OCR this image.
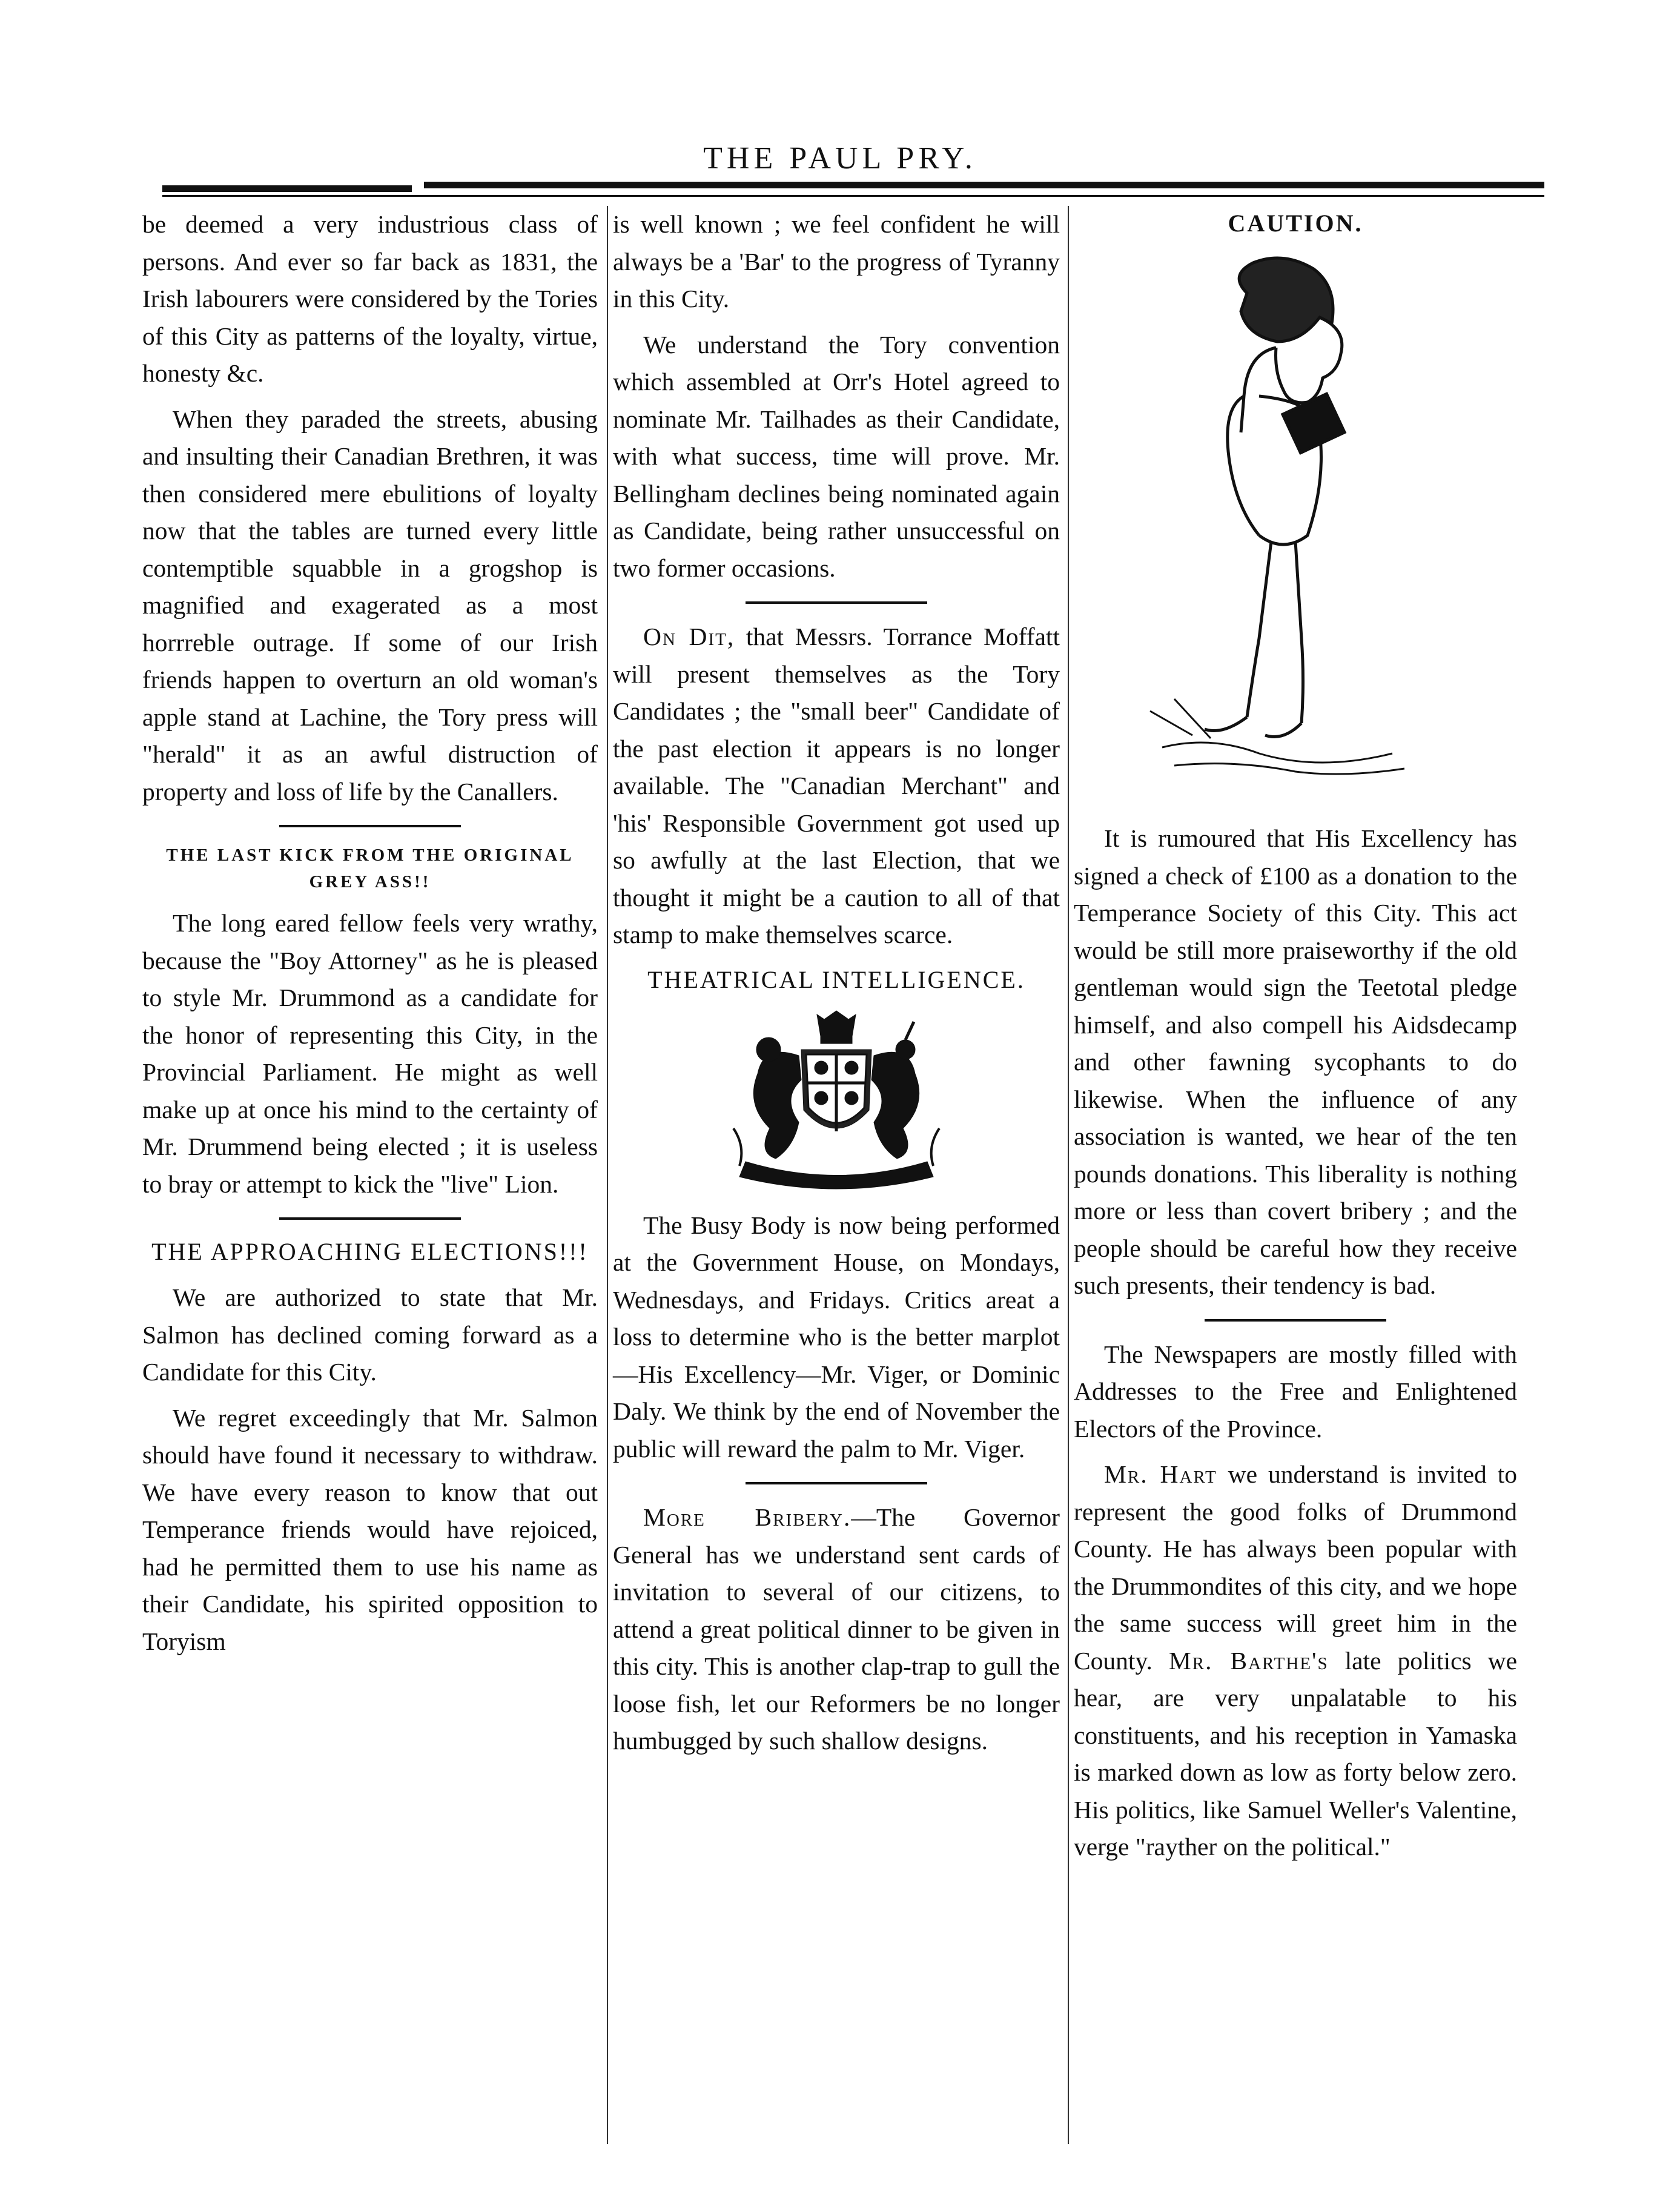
THE PAUL PRY.

be deemed a very industrious class of persons. And ever so far back as 1831, the Irish labourers were considered by the Tories of this City as patterns of the loyalty, virtue, honesty &c.

When they paraded the streets, abusing and insulting their Canadian Brethren, it was then considered mere ebulitions of loyalty now that the tables are turned every little contemptible squabble in a grogshop is magnified and exagerated as a most horrreble outrage. If some of our Irish friends happen to overturn an old woman's apple stand at Lachine, the Tory press will "herald" it as an awful distruction of property and loss of life by the Canallers.

THE LAST KICK FROM THE ORIGINAL GREY ASS!!

The long eared fellow feels very wrathy, because the "Boy Attorney" as he is pleased to style Mr. Drummond as a candidate for the honor of representing this City, in the Provincial Parliament. He might as well make up at once his mind to the certainty of Mr. Drummend being elected ; it is useless to bray or attempt to kick the "live" Lion.

THE APPROACHING ELECTIONS!!!

We are authorized to state that Mr. Salmon has declined coming forward as a Candidate for this City.

We regret exceedingly that Mr. Salmon should have found it necessary to withdraw. We have every reason to know that out Temperance friends would have rejoiced, had he permitted them to use his name as their Candidate, his spirited opposition to Toryism

is well known ; we feel confident he will always be a 'Bar' to the progress of Tyranny in this City.

We understand the Tory convention which assembled at Orr's Hotel agreed to nominate Mr. Tailhades as their Candidate, with what success, time will prove. Mr. Bellingham declines being nominated again as Candidate, being rather unsuccessful on two former occasions.

On Dit, that Messrs. Torrance Moffatt will present themselves as the Tory Candidates ; the "small beer" Candidate of the past election it appears is no longer available. The "Canadian Merchant" and 'his' Responsible Government got used up so awfully at the last Election, that we thought it might be a caution to all of that stamp to make themselves scarce.

THEATRICAL INTELLIGENCE.

The Busy Body is now being performed at the Government House, on Mondays, Wednesdays, and Fridays. Critics areat a loss to determine who is the better marplot—His Excellency—Mr. Viger, or Dominic Daly. We think by the end of November the public will reward the palm to Mr. Viger.

More Bribery.—The Governor General has we understand sent cards of invitation to several of our citizens, to attend a great political dinner to be given in this city. This is another clap-trap to gull the loose fish, let our Reformers be no longer humbugged by such shallow designs.

CAUTION.

It is rumoured that His Excellency has signed a check of £100 as a donation to the Temperance Society of this City. This act would be still more praiseworthy if the old gentleman would sign the Teetotal pledge himself, and also compell his Aidsdecamp and other fawning sycophants to do likewise. When the influence of any association is wanted, we hear of the ten pounds donations. This liberality is nothing more or less than covert bribery ; and the people should be careful how they receive such presents, their tendency is bad.

The Newspapers are mostly filled with Addresses to the Free and Enlightened Electors of the Province.

Mr. Hart we understand is invited to represent the good folks of Drummond County. He has always been popular with the Drummondites of this city, and we hope the same success will greet him in the County. Mr. Barthe's late politics we hear, are very unpalatable to his constituents, and his reception in Yamaska is marked down as low as forty below zero. His politics, like Samuel Weller's Valentine, verge "rayther on the political."
